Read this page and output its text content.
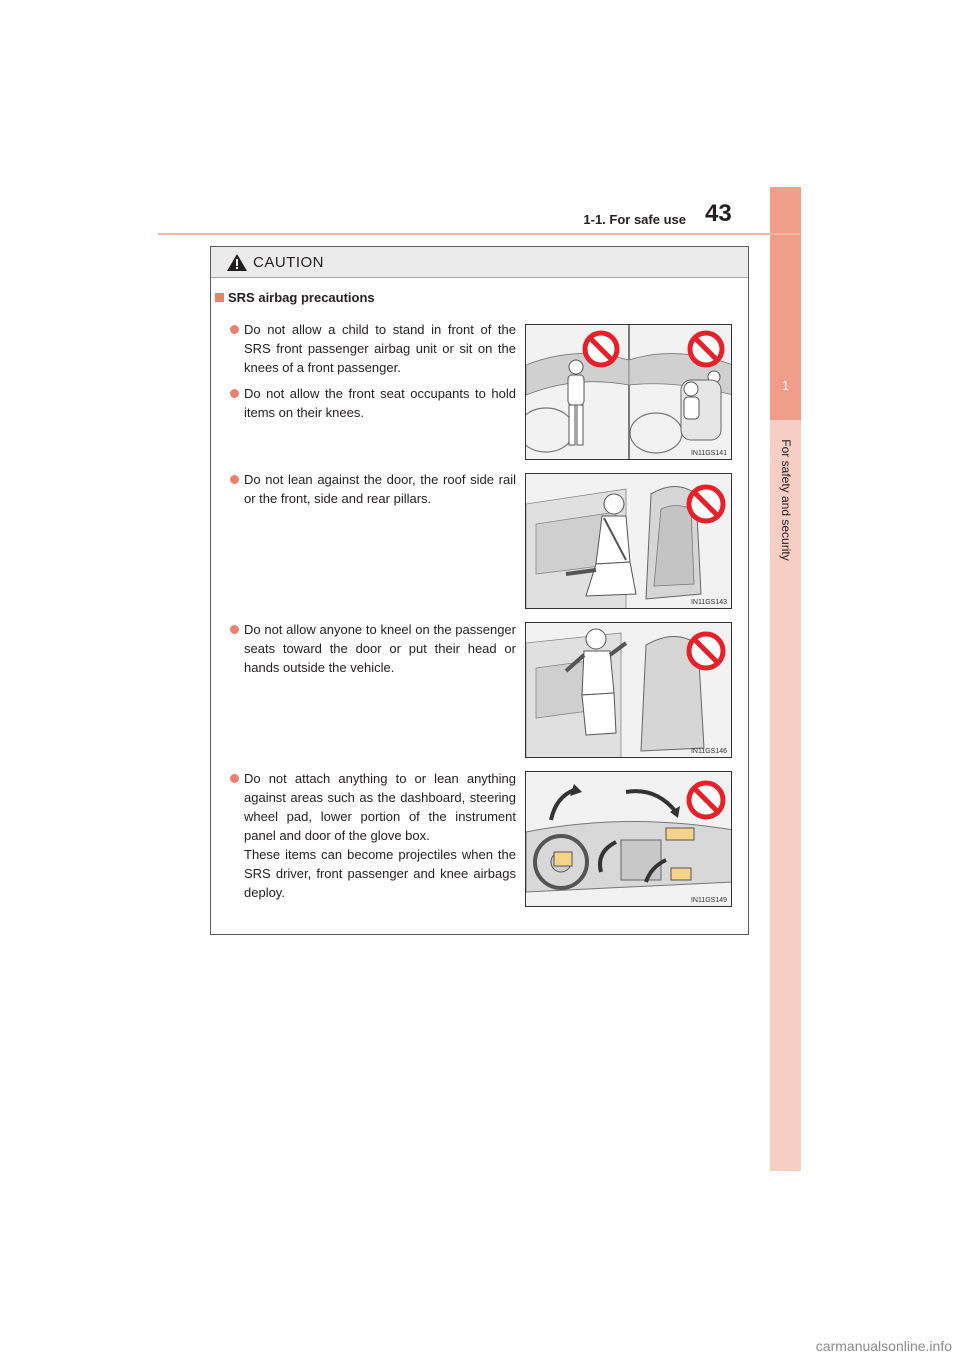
1
For safety and security
1-1. For safe use 43
CAUTION
SRS airbag precautions
Do not allow a child to stand in front of the SRS front passenger airbag unit or sit on the knees of a front passenger.
Do not allow the front seat occupants to hold items on their knees.
Do not lean against the door, the roof side rail or the front, side and rear pillars.
Do not allow anyone to kneel on the passenger seats toward the door or put their head or hands outside the vehicle.
Do not attach anything to or lean anything against areas such as the dashboard, steering wheel pad, lower portion of the instrument panel and door of the glove box.
These items can become projectiles when the SRS driver, front passenger and knee airbags deploy.
IN11GS141
IN11GS143
IN11GS146
IN11GS149
carmanualsonline.info
